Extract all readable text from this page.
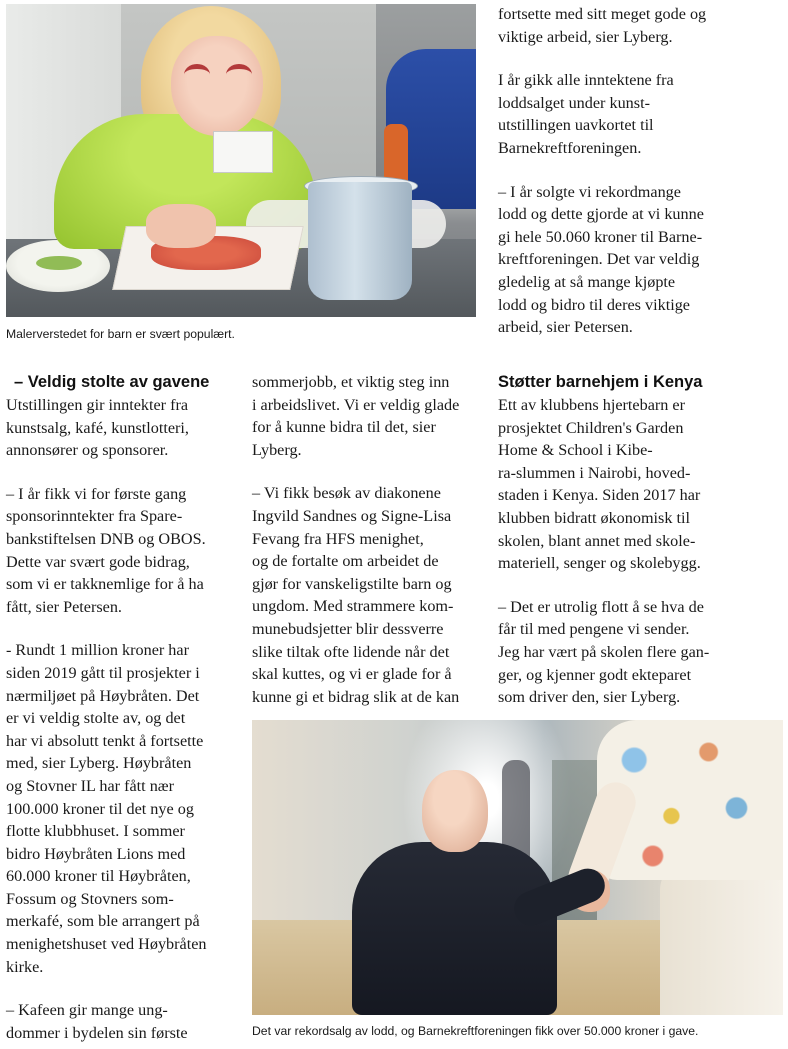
Malerverstedet for barn er svært populært.

fortsette med sitt meget gode og
viktige arbeid, sier Lyberg.

I år gikk alle inntektene fra
loddsalget under kunst-
utstillingen uavkortet til
Barnekreftforeningen.

– I år solgte vi rekordmange
lodd og dette gjorde at vi kunne
gi hele 50.060 kroner til Barne-
kreftforeningen. Det var veldig
gledelig at så mange kjøpte
lodd og bidro til deres viktige
arbeid, sier Petersen.

– Veldig stolte av gavene

Utstillingen gir inntekter fra
kunstsalg, kafé, kunstlotteri,
annonsører og sponsorer.

– I år fikk vi for første gang
sponsorinntekter fra Spare-
bankstiftelsen DNB og OBOS.
Dette var svært gode bidrag,
som vi er takknemlige for å ha
fått, sier Petersen.

- Rundt 1 million kroner har
siden 2019 gått til prosjekter i
nærmiljøet på Høybråten. Det
er vi veldig stolte av, og det
har vi absolutt tenkt å fortsette
med, sier Lyberg. Høybråten
og Stovner IL har fått nær
100.000 kroner til det nye og
flotte klubbhuset. I sommer
bidro Høybråten Lions med
60.000 kroner til Høybråten,
Fossum og Stovners som-
merkafé, som ble arrangert på
menighetshuset ved Høybråten
kirke.

– Kafeen gir mange ung-
dommer i bydelen sin første

sommerjobb, et viktig steg inn
i arbeidslivet. Vi er veldig glade
for å kunne bidra til det, sier
Lyberg.

– Vi fikk besøk av diakonene
Ingvild Sandnes og Signe-Lisa
Fevang fra HFS menighet,
og de fortalte om arbeidet de
gjør for vanskeligstilte barn og
ungdom. Med strammere kom-
munebudsjetter blir dessverre
slike tiltak ofte lidende når det
skal kuttes, og vi er glade for å
kunne gi et bidrag slik at de kan

Støtter barnehjem i Kenya

Ett av klubbens hjertebarn er
prosjektet Children's Garden
Home & School i Kibe-
ra-slummen i Nairobi, hoved-
staden i Kenya. Siden 2017 har
klubben bidratt økonomisk til
skolen, blant annet med skole-
materiell, senger og skolebygg.

– Det er utrolig flott å se hva de
får til med pengene vi sender.
Jeg har vært på skolen flere gan-
ger, og kjenner godt ekteparet
som driver den, sier Lyberg.

Det var rekordsalg av lodd, og Barnekreftforeningen fikk over 50.000 kroner i gave.
